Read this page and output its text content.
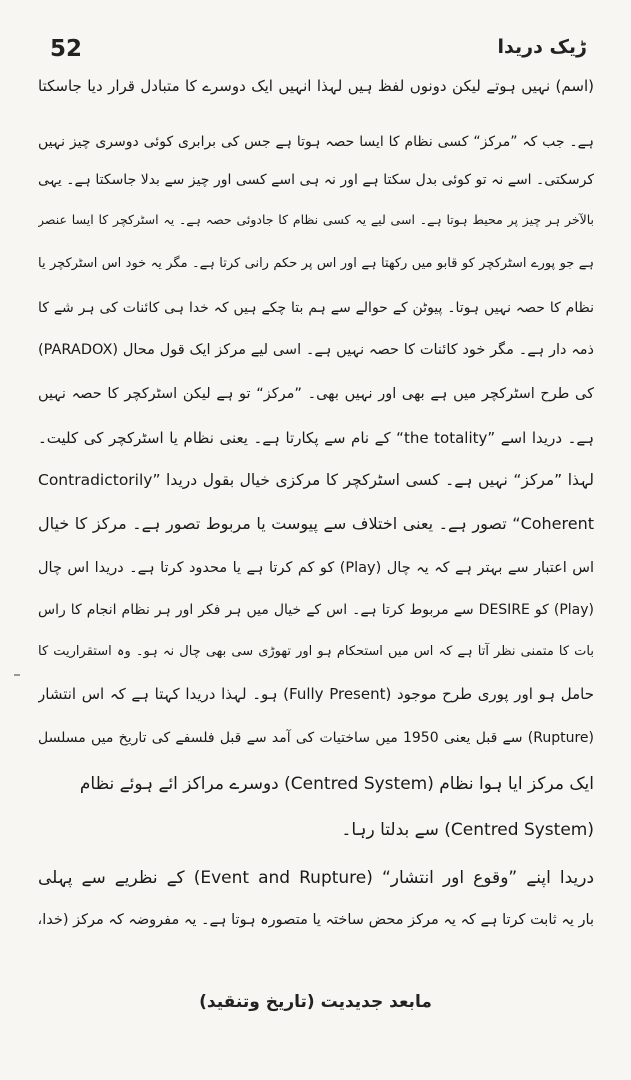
52	ڑیک دریدا
(اسم) نہیں ہوتے لیکن دونوں لفظ ہیں لہذا انہیں ایک دوسرے کا متبادل قرار دیا جاسکتا
ہے۔ جب کہ ”مرکز“ کسی نظام کا ایسا حصہ ہوتا ہے جس کی برابری کوئی دوسری چیز نہیں
کرسکتی۔ اسے نہ تو کوئی بدل سکتا ہے اور نہ ہی اسے کسی اور چیز سے بدلا جاسکتا ہے۔ یہی
بالآخر ہر چیز پر محیط ہوتا ہے۔ اسی لیے یہ کسی نظام کا جادوئی حصہ ہے۔ یہ اسٹرکچر کا ایسا عنصر
ہے جو پورے اسٹرکچر کو قابو میں رکھتا ہے اور اس پر حکم رانی کرتا ہے۔ مگر یہ خود اس اسٹرکچر یا
نظام کا حصہ نہیں ہوتا۔ پیوٹن کے حوالے سے ہم بتا چکے ہیں کہ خدا ہی کائنات کی ہر شے کا
ذمہ دار ہے۔ مگر خود کائنات کا حصہ نہیں ہے۔ اسی لیے مرکز ایک قول محال (PARADOX)
کی طرح اسٹرکچر میں ہے بھی اور نہیں بھی۔ ”مرکز“ تو ہے لیکن اسٹرکچر کا حصہ نہیں
ہے۔ دریدا اسے ”the totality“ کے نام سے پکارتا ہے۔ یعنی نظام یا اسٹرکچر کی کلیت۔
لہذا ”مرکز“ نہیں ہے۔ کسی اسٹرکچر کا مرکزی خیال بقول دریدا ”Contradictorily
Coherent“ تصور ہے۔ یعنی اختلاف سے پیوست یا مربوط تصور ہے۔ مرکز کا خیال
اس اعتبار سے بہتر ہے کہ یہ چال (Play) کو کم کرتا ہے یا محدود کرتا ہے۔ دریدا اس چال
(Play) کو DESIRE سے مربوط کرتا ہے۔ اس کے خیال میں ہر فکر اور ہر نظام انجام کا راس
بات کا متمنی نظر آتا ہے کہ اس میں استحکام ہو اور تھوڑی سی بھی چال نہ ہو۔ وہ استقراریت کا
حامل ہو اور پوری طرح موجود (Fully Present) ہو۔ لہذا دریدا کہتا ہے کہ اس انتشار
(Rupture) سے قبل یعنی 1950 میں ساختیات کی آمد سے قبل فلسفے کی تاریخ میں مسلسل
ایک مرکز ایا ہوا نظام (Centred System) دوسرے مراکز ائے ہوئے نظام
(Centred System) سے بدلتا رہا۔
دریدا اپنے ”وقوع اور انتشار“ (Event and Rupture) کے نظریے سے پہلی
بار یہ ثابت کرتا ہے کہ یہ مرکز محض ساختہ یا متصورہ ہوتا ہے۔ یہ مفروضہ کہ مرکز (خدا،
مابعد جدیدیت (تاریخ وتنقید)
